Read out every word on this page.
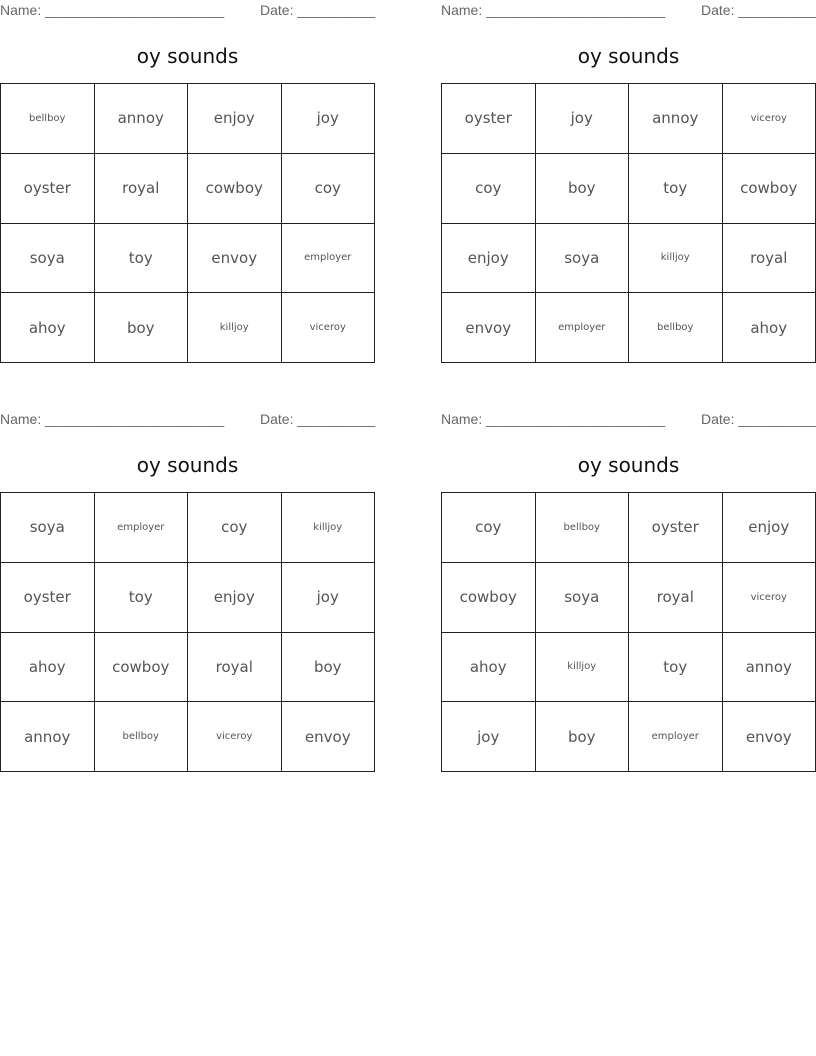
Name: _______________________	Date: __________
oy sounds
bellboy	annoy	enjoy	joy
oyster	royal	cowboy	coy
soya	toy	envoy	employer
ahoy	boy	killjoy	viceroy
Name: _______________________	Date: __________
oy sounds
oyster	joy	annoy	viceroy
coy	boy	toy	cowboy
enjoy	soya	killjoy	royal
envoy	employer	bellboy	ahoy
Name: _______________________	Date: __________
oy sounds
soya	employer	coy	killjoy
oyster	toy	enjoy	joy
ahoy	cowboy	royal	boy
annoy	bellboy	viceroy	envoy
Name: _______________________	Date: __________
oy sounds
coy	bellboy	oyster	enjoy
cowboy	soya	royal	viceroy
ahoy	killjoy	toy	annoy
joy	boy	employer	envoy
